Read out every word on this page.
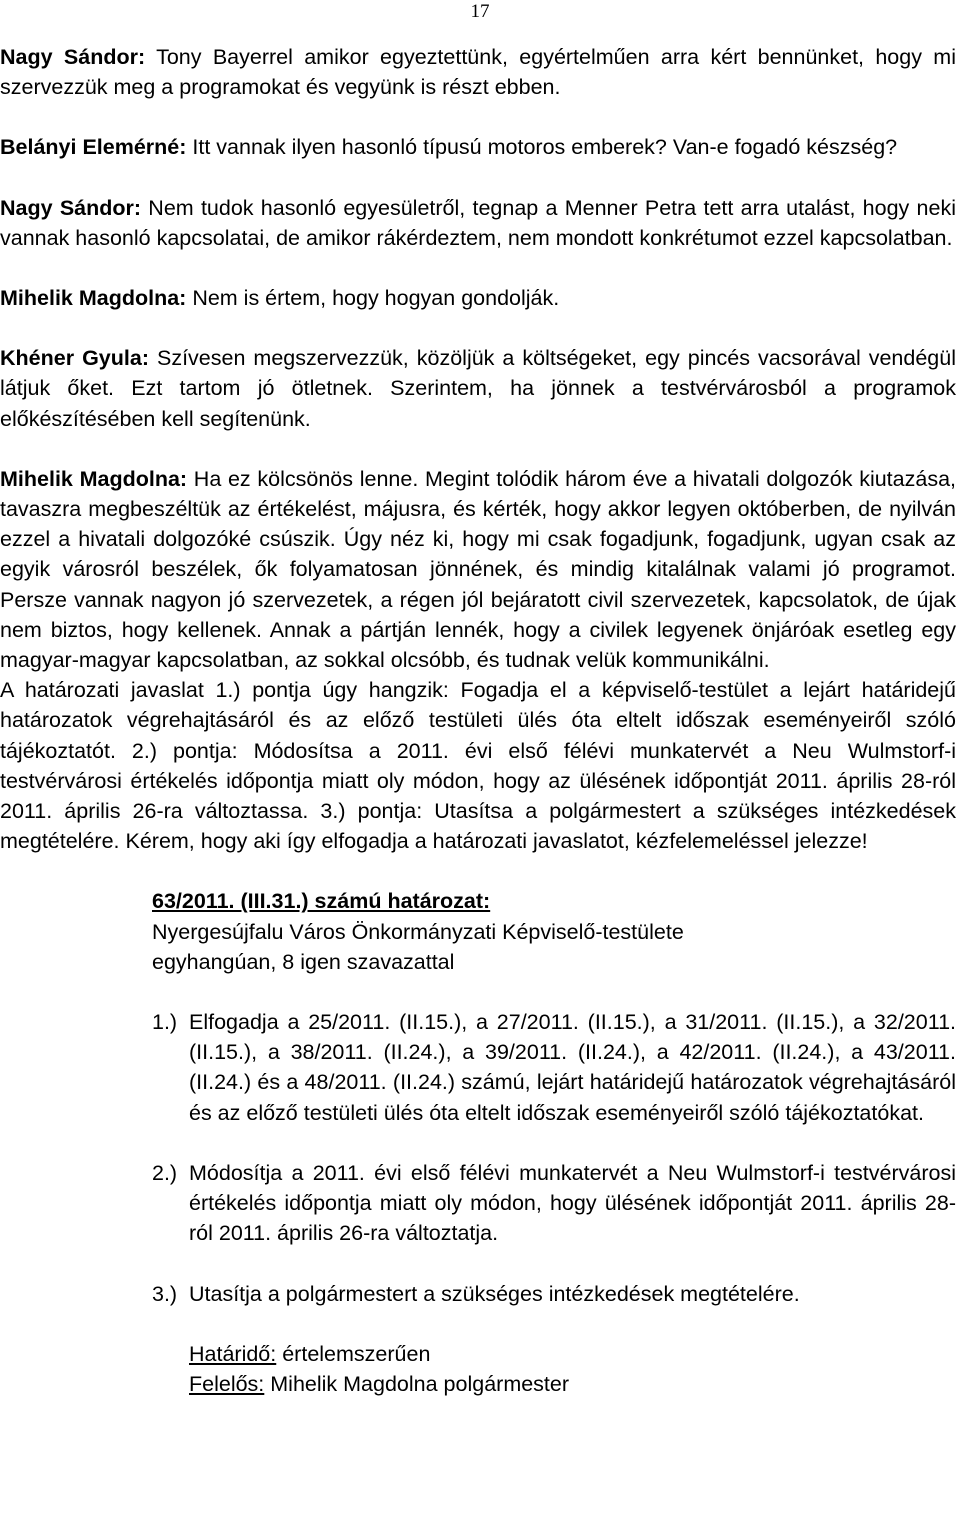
17

Nagy Sándor: Tony Bayerrel amikor egyeztettünk, egyértelműen arra kért bennünket, hogy mi szervezzük meg a programokat és vegyünk is részt ebben.

Belányi Elemérné: Itt vannak ilyen hasonló típusú motoros emberek? Van-e fogadó készség?

Nagy Sándor: Nem tudok hasonló egyesületről, tegnap a Menner Petra tett arra utalást, hogy neki vannak hasonló kapcsolatai, de amikor rákérdeztem, nem mondott konkrétumot ezzel kapcsolatban.

Mihelik Magdolna: Nem is értem, hogy hogyan gondolják.

Khéner Gyula: Szívesen megszervezzük, közöljük a költségeket, egy pincés vacsorával vendégül látjuk őket. Ezt tartom jó ötletnek. Szerintem, ha jönnek a testvérvárosból a programok előkészítésében kell segítenünk.

Mihelik Magdolna: Ha ez kölcsönös lenne. Megint tolódik három éve a hivatali dolgozók kiutazása, tavaszra megbeszéltük az értékelést, májusra, és kérték, hogy akkor legyen októberben, de nyilván ezzel a hivatali dolgozóké csúszik. Úgy néz ki, hogy mi csak fogadjunk, fogadjunk, ugyan csak az egyik városról beszélek, ők folyamatosan jönnének, és mindig kitalálnak valami jó programot. Persze vannak nagyon jó szervezetek, a régen jól bejáratott civil szervezetek, kapcsolatok, de újak nem biztos, hogy kellenek. Annak a pártján lennék, hogy a civilek legyenek önjáróak esetleg egy magyar-magyar kapcsolatban, az sokkal olcsóbb, és tudnak velük kommunikálni.

A határozati javaslat 1.) pontja úgy hangzik: Fogadja el a képviselő-testület a lejárt határidejű határozatok végrehajtásáról és az előző testületi ülés óta eltelt időszak eseményeiről szóló tájékoztatót. 2.) pontja: Módosítsa a 2011. évi első félévi munkatervét a Neu Wulmstorf-i testvérvárosi értékelés időpontja miatt oly módon, hogy az ülésének időpontját 2011. április 28-ról 2011. április 26-ra változtassa. 3.) pontja: Utasítsa a polgármestert a szükséges intézkedések megtételére. Kérem, hogy aki így elfogadja a határozati javaslatot, kézfelemeléssel jelezze!

63/2011. (III.31.) számú határozat:
Nyergesújfalu Város Önkormányzati Képviselő-testülete
egyhangúan, 8 igen szavazattal
1.) Elfogadja a 25/2011. (II.15.), a 27/2011. (II.15.), a 31/2011. (II.15.), a 32/2011. (II.15.), a 38/2011. (II.24.), a 39/2011. (II.24.), a 42/2011. (II.24.), a 43/2011.(II.24.) és a 48/2011. (II.24.) számú, lejárt határidejű határozatok végrehajtásáról és az előző testületi ülés óta eltelt időszak eseményeiről szóló tájékoztatókat.
2.) Módosítja a 2011. évi első félévi munkatervét a Neu Wulmstorf-i testvérvárosi értékelés időpontja miatt oly módon, hogy ülésének időpontját 2011. április 28-ról 2011. április 26-ra változtatja.
3.) Utasítja a polgármestert a szükséges intézkedések megtételére.
Határidő: értelemszerűen
Felelős: Mihelik Magdolna polgármester
